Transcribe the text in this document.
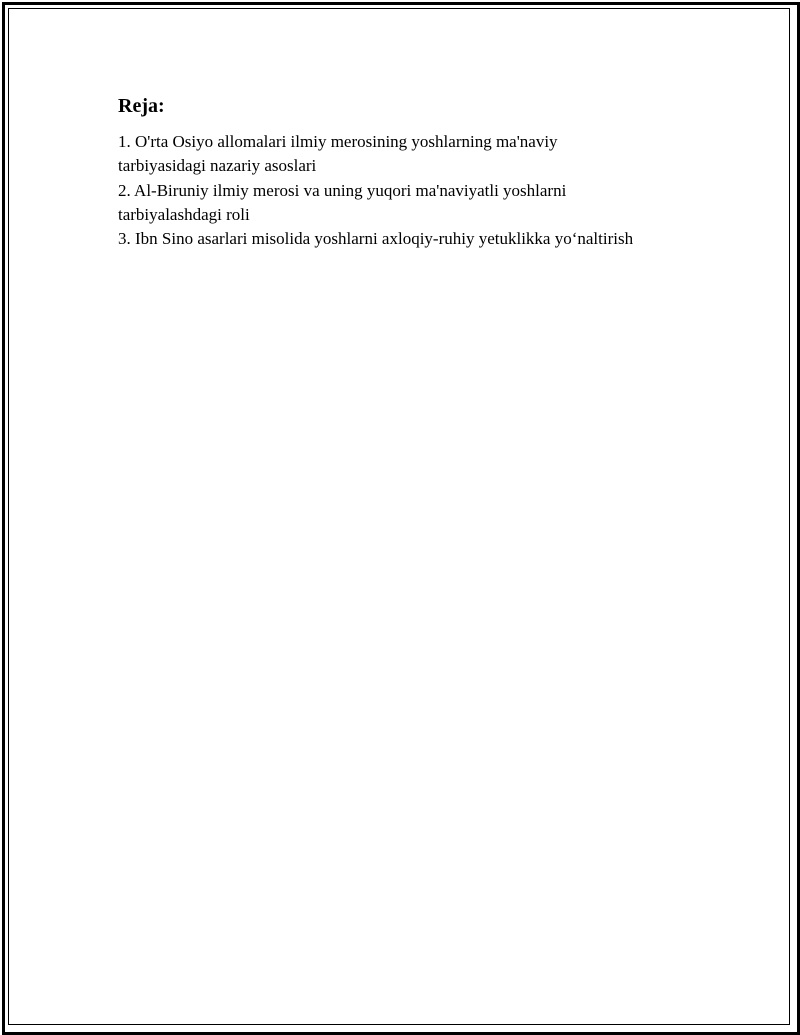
Reja:
1. O'rta Osiyo allomalari ilmiy merosining yoshlarning ma'naviy
tarbiyasidagi nazariy asoslari
2. Al-Biruniy ilmiy merosi va uning yuqori ma'naviyatli yoshlarni
tarbiyalashdagi roli
3. Ibn Sino asarlari misolida yoshlarni axloqiy-ruhiy yetuklikka yoʻnaltirish
